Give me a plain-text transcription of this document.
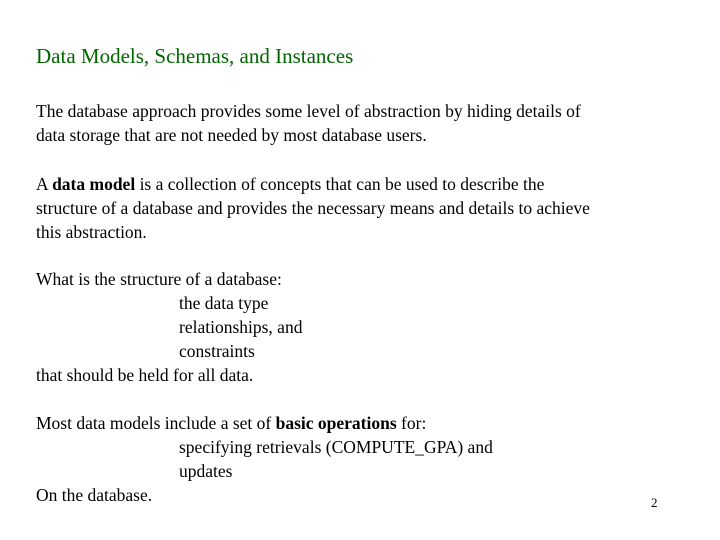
Data Models, Schemas, and Instances
The database approach provides some level of abstraction by hiding details of
data storage that are not needed by most database users.
A data model is a collection of concepts that can be used to describe the
structure of a database and provides the necessary means and details to achieve
this abstraction.
What is the structure of a database:
the data type
relationships, and
constraints
that should be held for all data.
Most data models include a set of basic operations for:
specifying retrievals (COMPUTE_GPA) and
updates
On the database.	2
